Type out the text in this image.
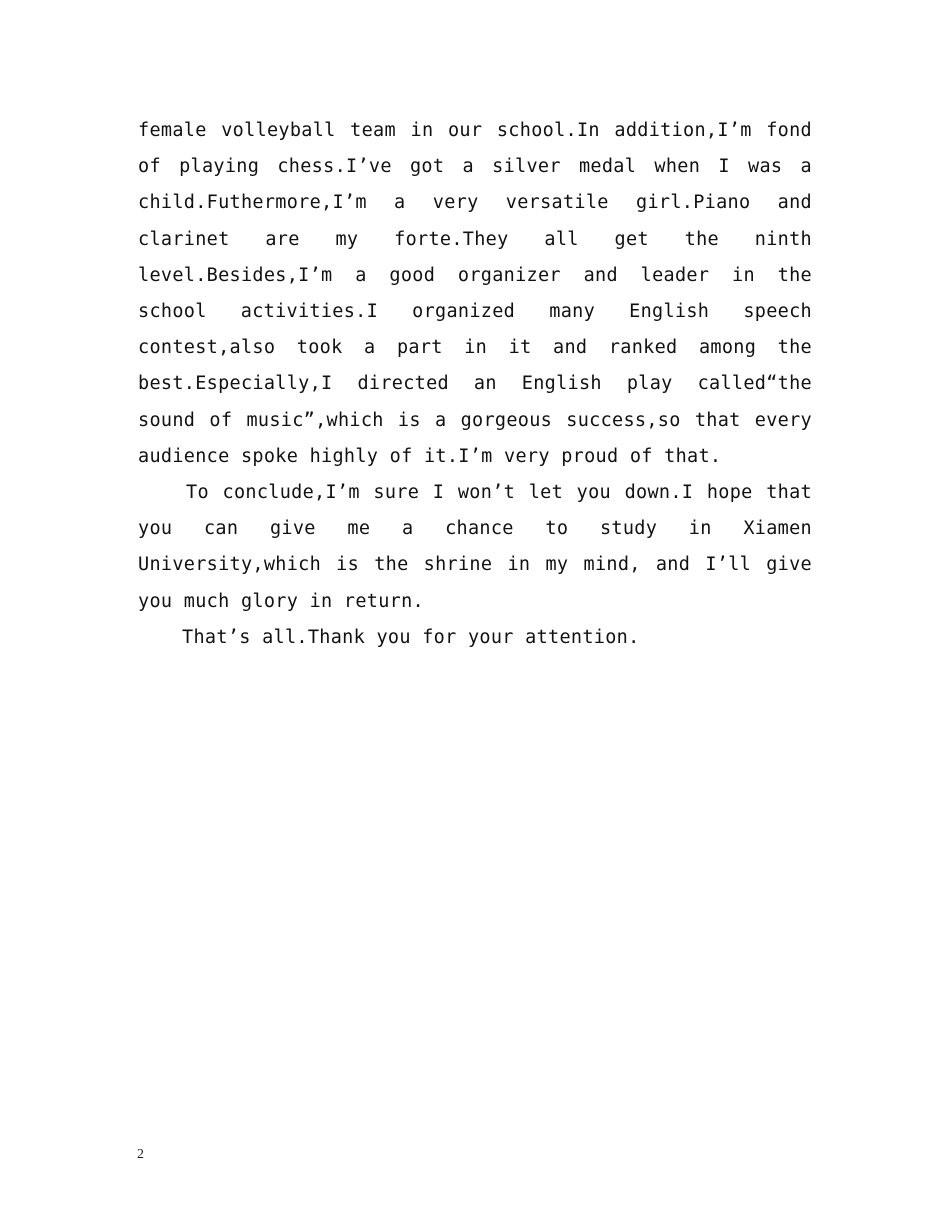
female volleyball team in our school.In addition,I’m fond of playing chess.I’ve got a silver medal when I was a child.Futhermore,I’m a very versatile girl.Piano and clarinet are my forte.They all get the ninth level.Besides,I’m a good organizer and leader in the school activities.I organized many English speech contest,also took a part in it and ranked among the best.Especially,I directed an English play called“the sound of music”,which is a gorgeous success,so that every audience spoke highly of it.I’m very proud of that.

To conclude,I’m sure I won’t let you down.I hope that you can give me a chance to study in Xiamen University,which is the shrine in my mind, and I’ll give you much glory in return.

That’s all.Thank you for your attention.

2
